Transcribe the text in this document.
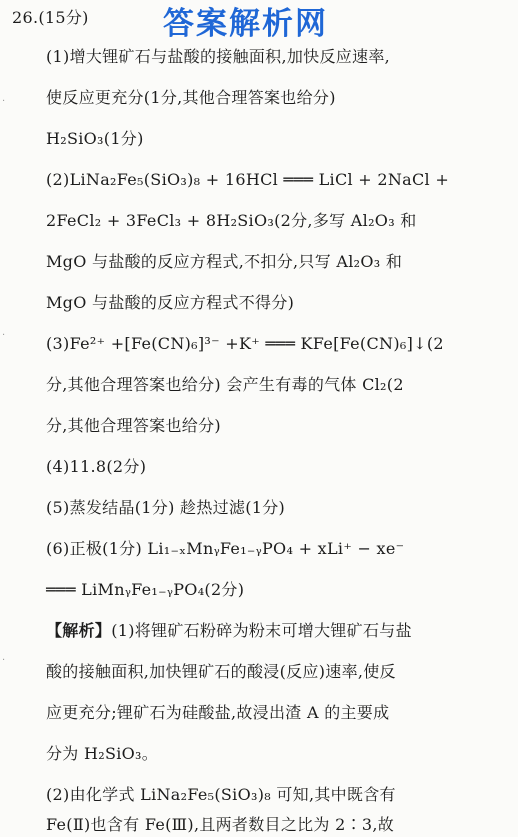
答案解析网
·
·
·
26.(15分)
(1)增大锂矿石与盐酸的接触面积,加快反应速率,
使反应更充分(1分,其他合理答案也给分)
H₂SiO₃(1分)
(2)LiNa₂Fe₅(SiO₃)₈ + 16HCl ═══ LiCl + 2NaCl +
2FeCl₂ + 3FeCl₃ + 8H₂SiO₃(2分,多写 Al₂O₃ 和
MgO 与盐酸的反应方程式,不扣分,只写 Al₂O₃ 和
MgO 与盐酸的反应方程式不得分)
(3)Fe²⁺ +[Fe(CN)₆]³⁻ +K⁺ ═══ KFe[Fe(CN)₆]↓(2
分,其他合理答案也给分) 会产生有毒的气体 Cl₂(2
分,其他合理答案也给分)
(4)11.8(2分)
(5)蒸发结晶(1分) 趁热过滤(1分)
(6)正极(1分) Li₁₋ₓMnᵧFe₁₋ᵧPO₄ + xLi⁺ − xe⁻
═══ LiMnᵧFe₁₋ᵧPO₄(2分)
【解析】(1)将锂矿石粉碎为粉末可增大锂矿石与盐
酸的接触面积,加快锂矿石的酸浸(反应)速率,使反
应更充分;锂矿石为硅酸盐,故浸出渣 A 的主要成
分为 H₂SiO₃。
(2)由化学式 LiNa₂Fe₅(SiO₃)₈ 可知,其中既含有
Fe(Ⅱ)也含有 Fe(Ⅲ),且两者数目之比为 2∶3,故
